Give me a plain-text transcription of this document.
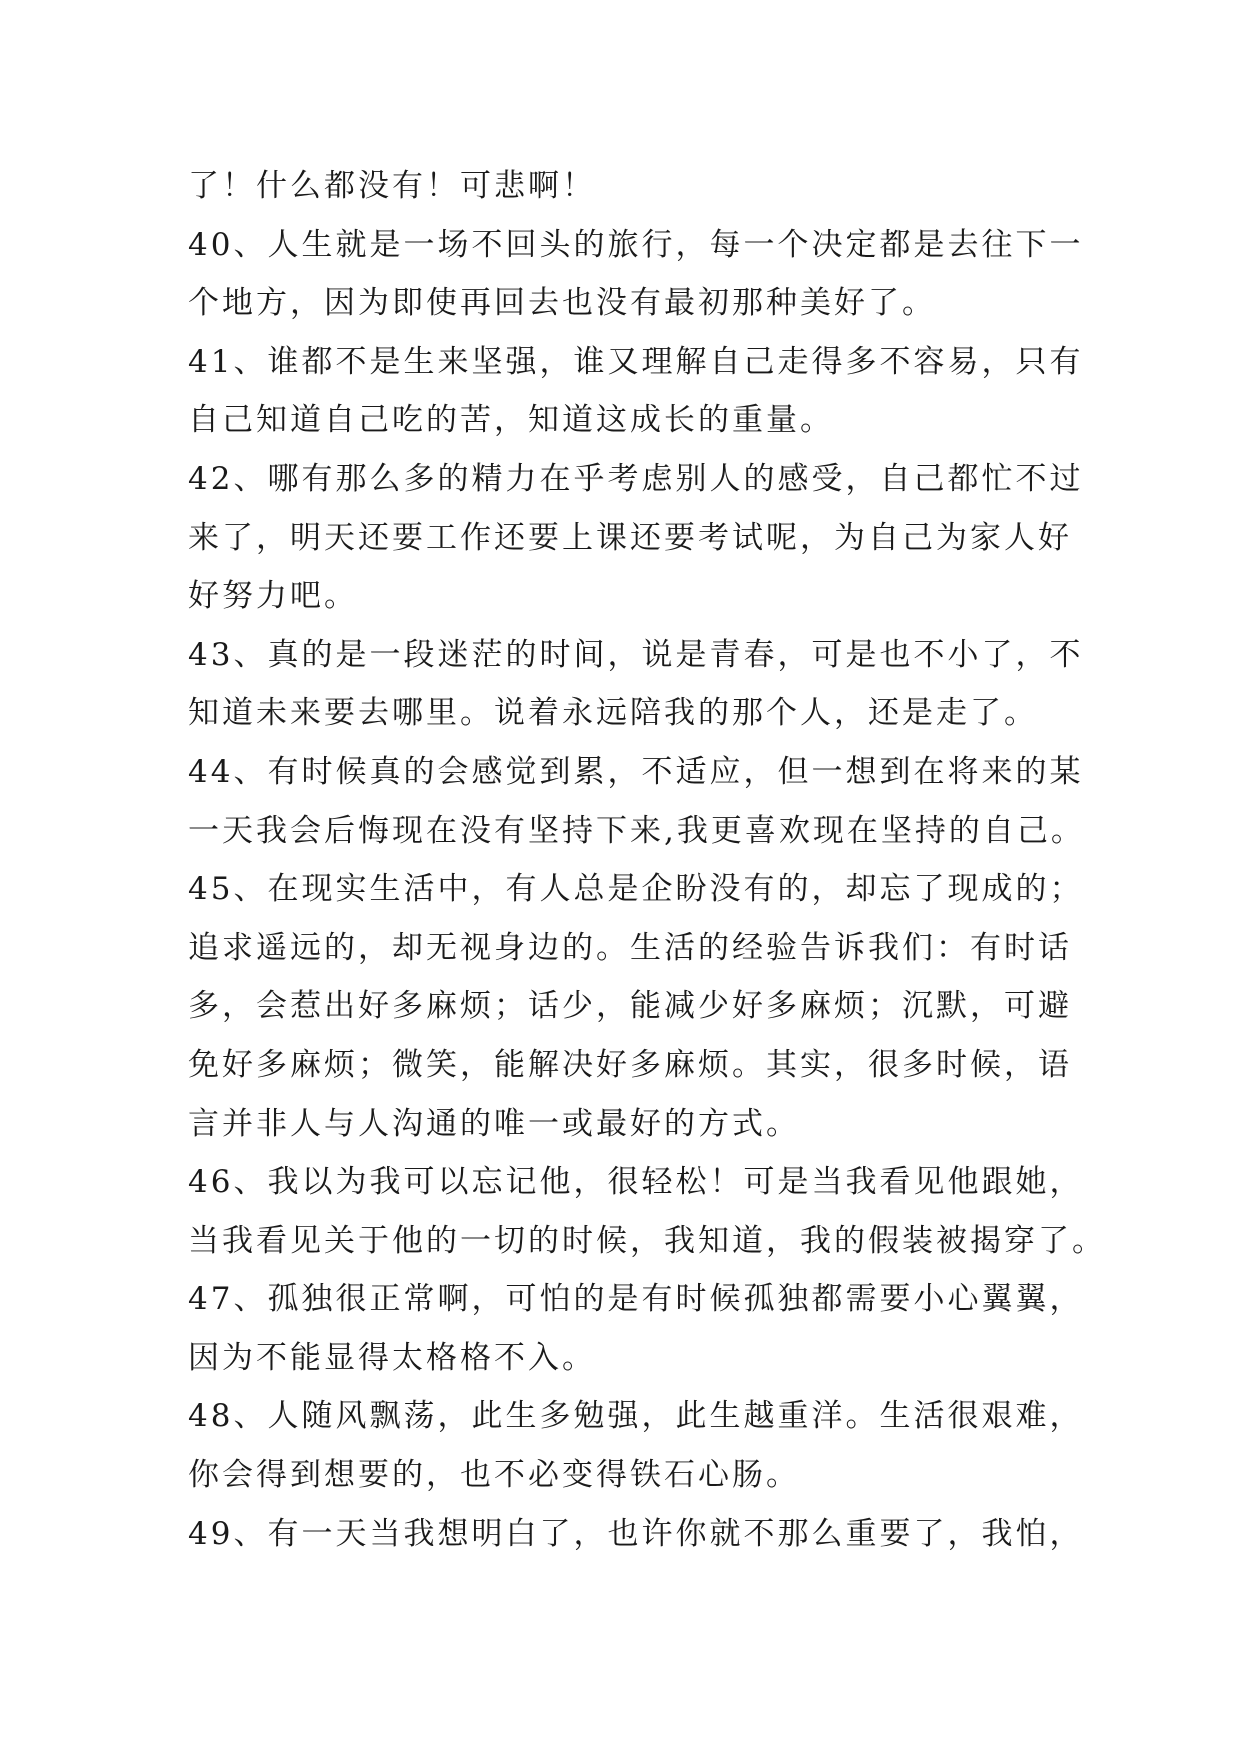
了！什么都没有！可悲啊！
40、人生就是一场不回头的旅行，每一个决定都是去往下一
个地方，因为即使再回去也没有最初那种美好了。
41、谁都不是生来坚强，谁又理解自己走得多不容易，只有
自己知道自己吃的苦，知道这成长的重量。
42、哪有那么多的精力在乎考虑别人的感受，自己都忙不过
来了，明天还要工作还要上课还要考试呢，为自己为家人好
好努力吧。
43、真的是一段迷茫的时间，说是青春，可是也不小了，不
知道未来要去哪里。说着永远陪我的那个人，还是走了。
44、有时候真的会感觉到累，不适应，但一想到在将来的某
一天我会后悔现在没有坚持下来,我更喜欢现在坚持的自己。
45、在现实生活中，有人总是企盼没有的，却忘了现成的；
追求遥远的，却无视身边的。生活的经验告诉我们：有时话
多，会惹出好多麻烦；话少，能减少好多麻烦；沉默，可避
免好多麻烦；微笑，能解决好多麻烦。其实，很多时候，语
言并非人与人沟通的唯一或最好的方式。
46、我以为我可以忘记他，很轻松！可是当我看见他跟她，
当我看见关于他的一切的时候，我知道，我的假装被揭穿了。
47、孤独很正常啊，可怕的是有时候孤独都需要小心翼翼，
因为不能显得太格格不入。
48、人随风飘荡，此生多勉强，此生越重洋。生活很艰难，
你会得到想要的，也不必变得铁石心肠。
49、有一天当我想明白了，也许你就不那么重要了，我怕，
